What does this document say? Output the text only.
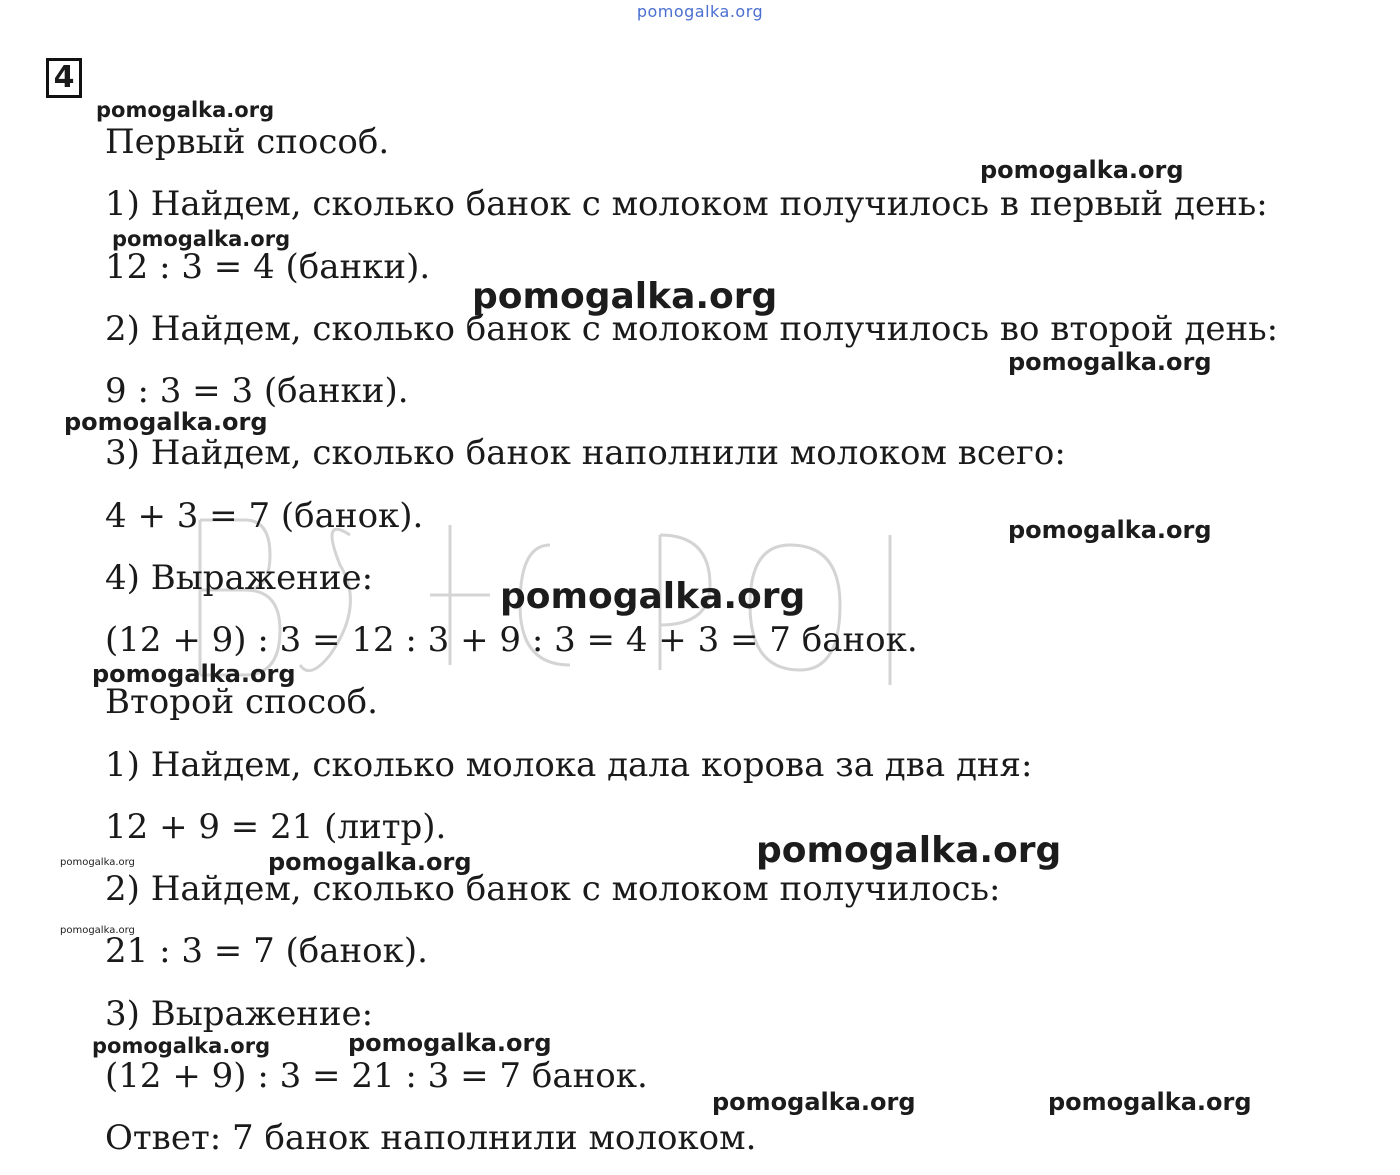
pomogalka.org
4
Первый способ.
1) Найдем, сколько банок с молоком получилось в первый день:
12 : 3 = 4 (банки).
2) Найдем, сколько банок с молоком получилось во второй день:
9 : 3 = 3 (банки).
3) Найдем, сколько банок наполнили молоком всего:
4 + 3 = 7 (банок).
4) Выражение:
(12 + 9) : 3 = 12 : 3 + 9 : 3 = 4 + 3 = 7 банок.
Второй способ.
1) Найдем, сколько молока дала корова за два дня:
12 + 9 = 21 (литр).
2) Найдем, сколько банок с молоком получилось:
21 : 3 = 7 (банок).
3) Выражение:
(12 + 9) : 3 = 21 : 3 = 7 банок.
Ответ: 7 банок наполнили молоком.
pomogalka.org
pomogalka.org
pomogalka.org
pomogalka.org
pomogalka.org
pomogalka.org
pomogalka.org
pomogalka.org
pomogalka.org
pomogalka.org
pomogalka.org	pomogalka.org
pomogalka.org
pomogalka.org
pomogalka.org
pomogalka.org	pomogalka.org
